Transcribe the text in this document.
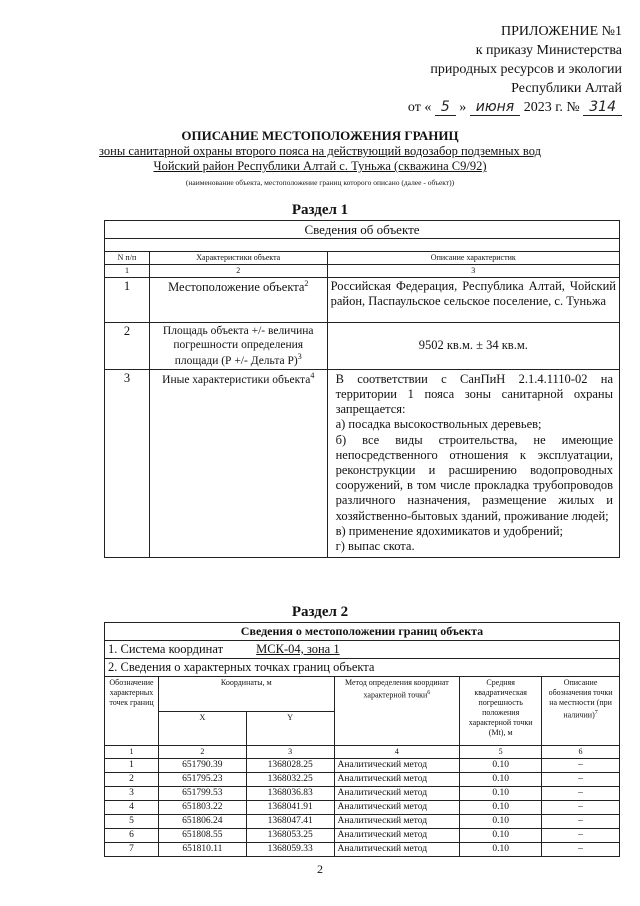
ПРИЛОЖЕНИЕ №1
к приказу Министерства
природных ресурсов и экологии
Республики Алтай
от « 5 » июня 2023 г. № 314
ОПИСАНИЕ МЕСТОПОЛОЖЕНИЯ ГРАНИЦ
зоны санитарной охраны второго пояса на действующий водозабор подземных вод
Чойский район Республики Алтай с. Туньжа (скважина С9/92)
(наименование объекта, местоположение границ которого описано (далее - объект))
Раздел 1
Сведения об объекте		

N п/п	Характеристики объекта	Описание характеристик
1	2	3
1	Местоположение объекта$^2$	Российская Федерация, Республика Алтай, Чойский район, Паспаульское сельское поселение, с. Туньжа
2	Площадь объекта +/- величина погрешности определения площади (Р +/- Дельта Р)$^3$	9502 кв.м. ± 34 кв.м.
3	Иные характеристики объекта$^4$	В соответствии с СанПиН 2.1.4.1110-02 на территории 1 пояса зоны санитарной охраны запрещается:
а) посадка высокоствольных деревьев;
б) все виды строительства, не имеющие непосредственного отношения к эксплуатации, реконструкции и расширению водопроводных сооружений, в том числе прокладка трубопроводов различного назначения, размещение жилых и хозяйственно-бытовых зданий, проживание людей;
в) применение ядохимикатов и удобрений;
г) выпас скота.
Раздел 2
Сведения о местоположении границ объекта					
1. Система координат МСК-04, зона 1					
2. Сведения о характерных точках границ объекта					
Обозначение характерных точек границ	Координаты, м		Метод определения координат характерной точки$^6$	Средняя квадратическая погрешность положения характерной точки (Mt), м	Описание обозначения точки на местности (при наличии)$^7$
	X	Y			
1	2	3	4	5	6
1	651790.39	1368028.25	Аналитический метод	0.10	–
2	651795.23	1368032.25	Аналитический метод	0.10	–
3	651799.53	1368036.83	Аналитический метод	0.10	–
4	651803.22	1368041.91	Аналитический метод	0.10	–
5	651806.24	1368047.41	Аналитический метод	0.10	–
6	651808.55	1368053.25	Аналитический метод	0.10	–
7	651810.11	1368059.33	Аналитический метод	0.10	–
2
